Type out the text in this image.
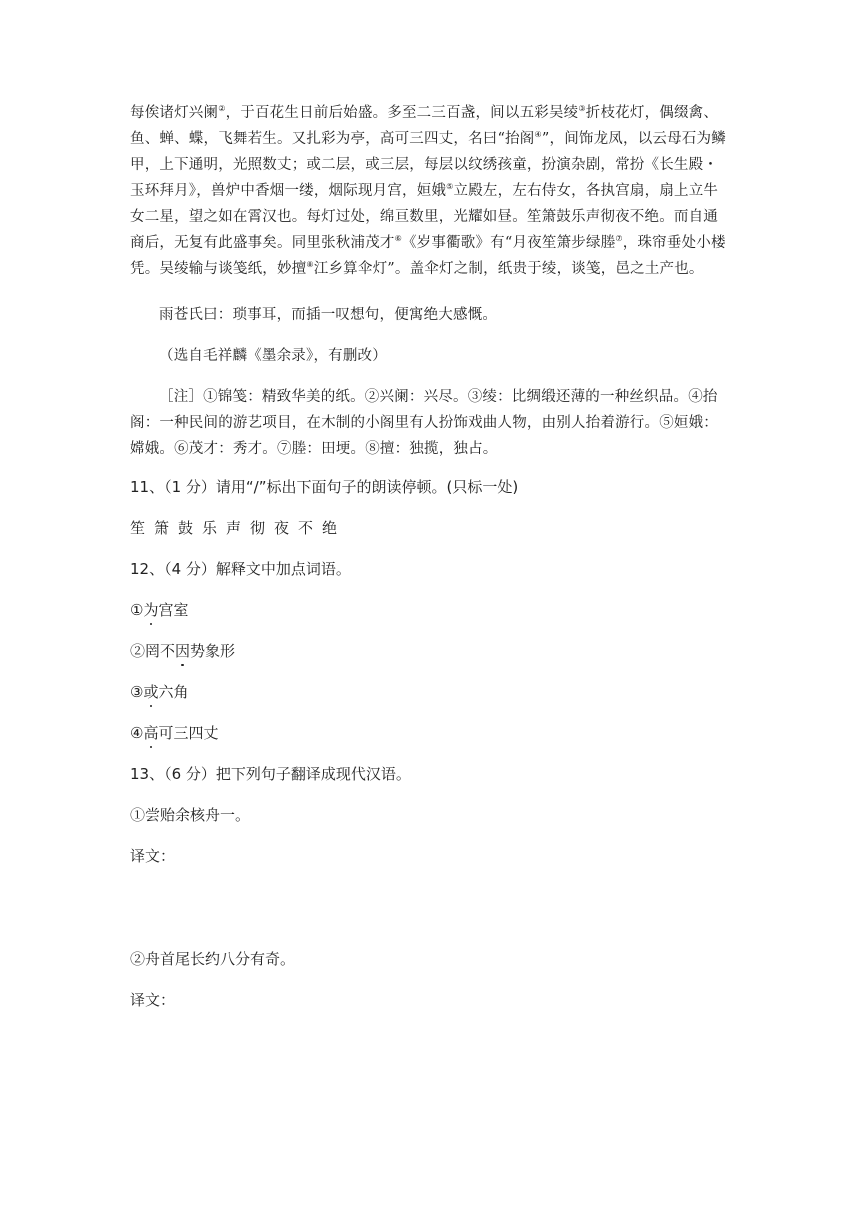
每俟诸灯兴阑②，于百花生日前后始盛。多至二三百盏，间以五彩吴绫③折枝花灯，偶缀禽、鱼、蝉、蝶，飞舞若生。又扎彩为亭，高可三四丈，名曰“抬阁④”，间饰龙凤，以云母石为鳞甲，上下通明，光照数丈；或二层，或三层，每层以纹绣孩童，扮演杂剧，常扮《长生殿・玉环拜月》，兽炉中香烟一缕，烟际现月宫，姮娥⑤立殿左，左右侍女，各执宫扇，扇上立牛女二星，望之如在霄汉也。每灯过处，绵亘数里，光耀如昼。笙箫鼓乐声彻夜不绝。而自通商后，无复有此盛事矣。同里张秋浦茂才⑥《岁事衢歌》有“月夜笙箫步绿塍⑦，珠帘垂处小楼凭。吴绫输与谈笺纸，妙擅⑧江乡算伞灯”。盖伞灯之制，纸贵于绫，谈笺，邑之土产也。

雨苍氏曰：琐事耳，而插一叹想句，便寓绝大感慨。

（选自毛祥麟《墨余录》，有删改）

［注］①锦笺：精致华美的纸。②兴阑：兴尽。③绫：比绸缎还薄的一种丝织品。④抬阁：一种民间的游艺项目，在木制的小阁里有人扮饰戏曲人物，由别人抬着游行。⑤姮娥：嫦娥。⑥茂才：秀才。⑦塍：田埂。⑧擅：独揽，独占。

11、（1 分）请用“/”标出下面句子的朗读停顿。(只标一处)

笙箫鼓乐声彻夜不绝

12、（4 分）解释文中加点词语。

①为宫室

②罔不因势象形

③或六角

④高可三四丈

13、（6 分）把下列句子翻译成现代汉语。

①尝贻余核舟一。

译文：

②舟首尾长约八分有奇。

译文：
